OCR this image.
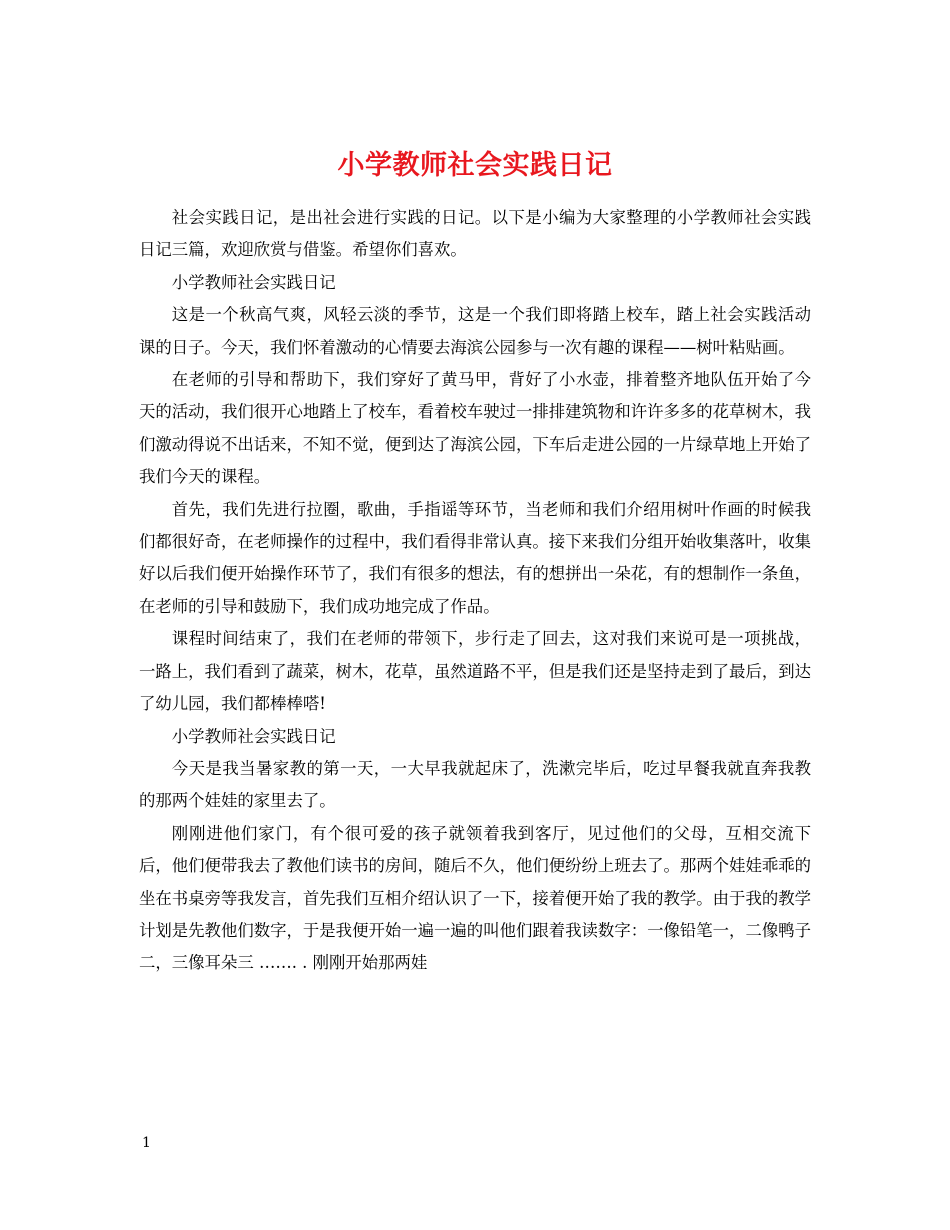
小学教师社会实践日记

社会实践日记，是出社会进行实践的日记。以下是小编为大家整理的小学教师社会实践日记三篇，欢迎欣赏与借鉴。希望你们喜欢。

小学教师社会实践日记

这是一个秋高气爽，风轻云淡的季节，这是一个我们即将踏上校车，踏上社会实践活动课的日子。今天，我们怀着激动的心情要去海滨公园参与一次有趣的课程——树叶粘贴画。

在老师的引导和帮助下，我们穿好了黄马甲，背好了小水壶，排着整齐地队伍开始了今天的活动，我们很开心地踏上了校车，看着校车驶过一排排建筑物和许许多多的花草树木，我们激动得说不出话来，不知不觉，便到达了海滨公园，下车后走进公园的一片绿草地上开始了我们今天的课程。

首先，我们先进行拉圈，歌曲，手指谣等环节，当老师和我们介绍用树叶作画的时候我们都很好奇，在老师操作的过程中，我们看得非常认真。接下来我们分组开始收集落叶，收集好以后我们便开始操作环节了，我们有很多的想法，有的想拼出一朵花，有的想制作一条鱼，在老师的引导和鼓励下，我们成功地完成了作品。

课程时间结束了，我们在老师的带领下，步行走了回去，这对我们来说可是一项挑战，一路上，我们看到了蔬菜，树木，花草，虽然道路不平，但是我们还是坚持走到了最后，到达了幼儿园，我们都棒棒嗒!

小学教师社会实践日记

今天是我当暑家教的第一天，一大早我就起床了，洗漱完毕后，吃过早餐我就直奔我教的那两个娃娃的家里去了。

刚刚进他们家门，有个很可爱的孩子就领着我到客厅，见过他们的父母，互相交流下后，他们便带我去了教他们读书的房间，随后不久，他们便纷纷上班去了。那两个娃娃乖乖的坐在书桌旁等我发言，首先我们互相介绍认识了一下，接着便开始了我的教学。由于我的教学计划是先教他们数字，于是我便开始一遍一遍的叫他们跟着我读数字：一像铅笔一，二像鸭子二，三像耳朵三 ……. . 刚刚开始那两娃

1
